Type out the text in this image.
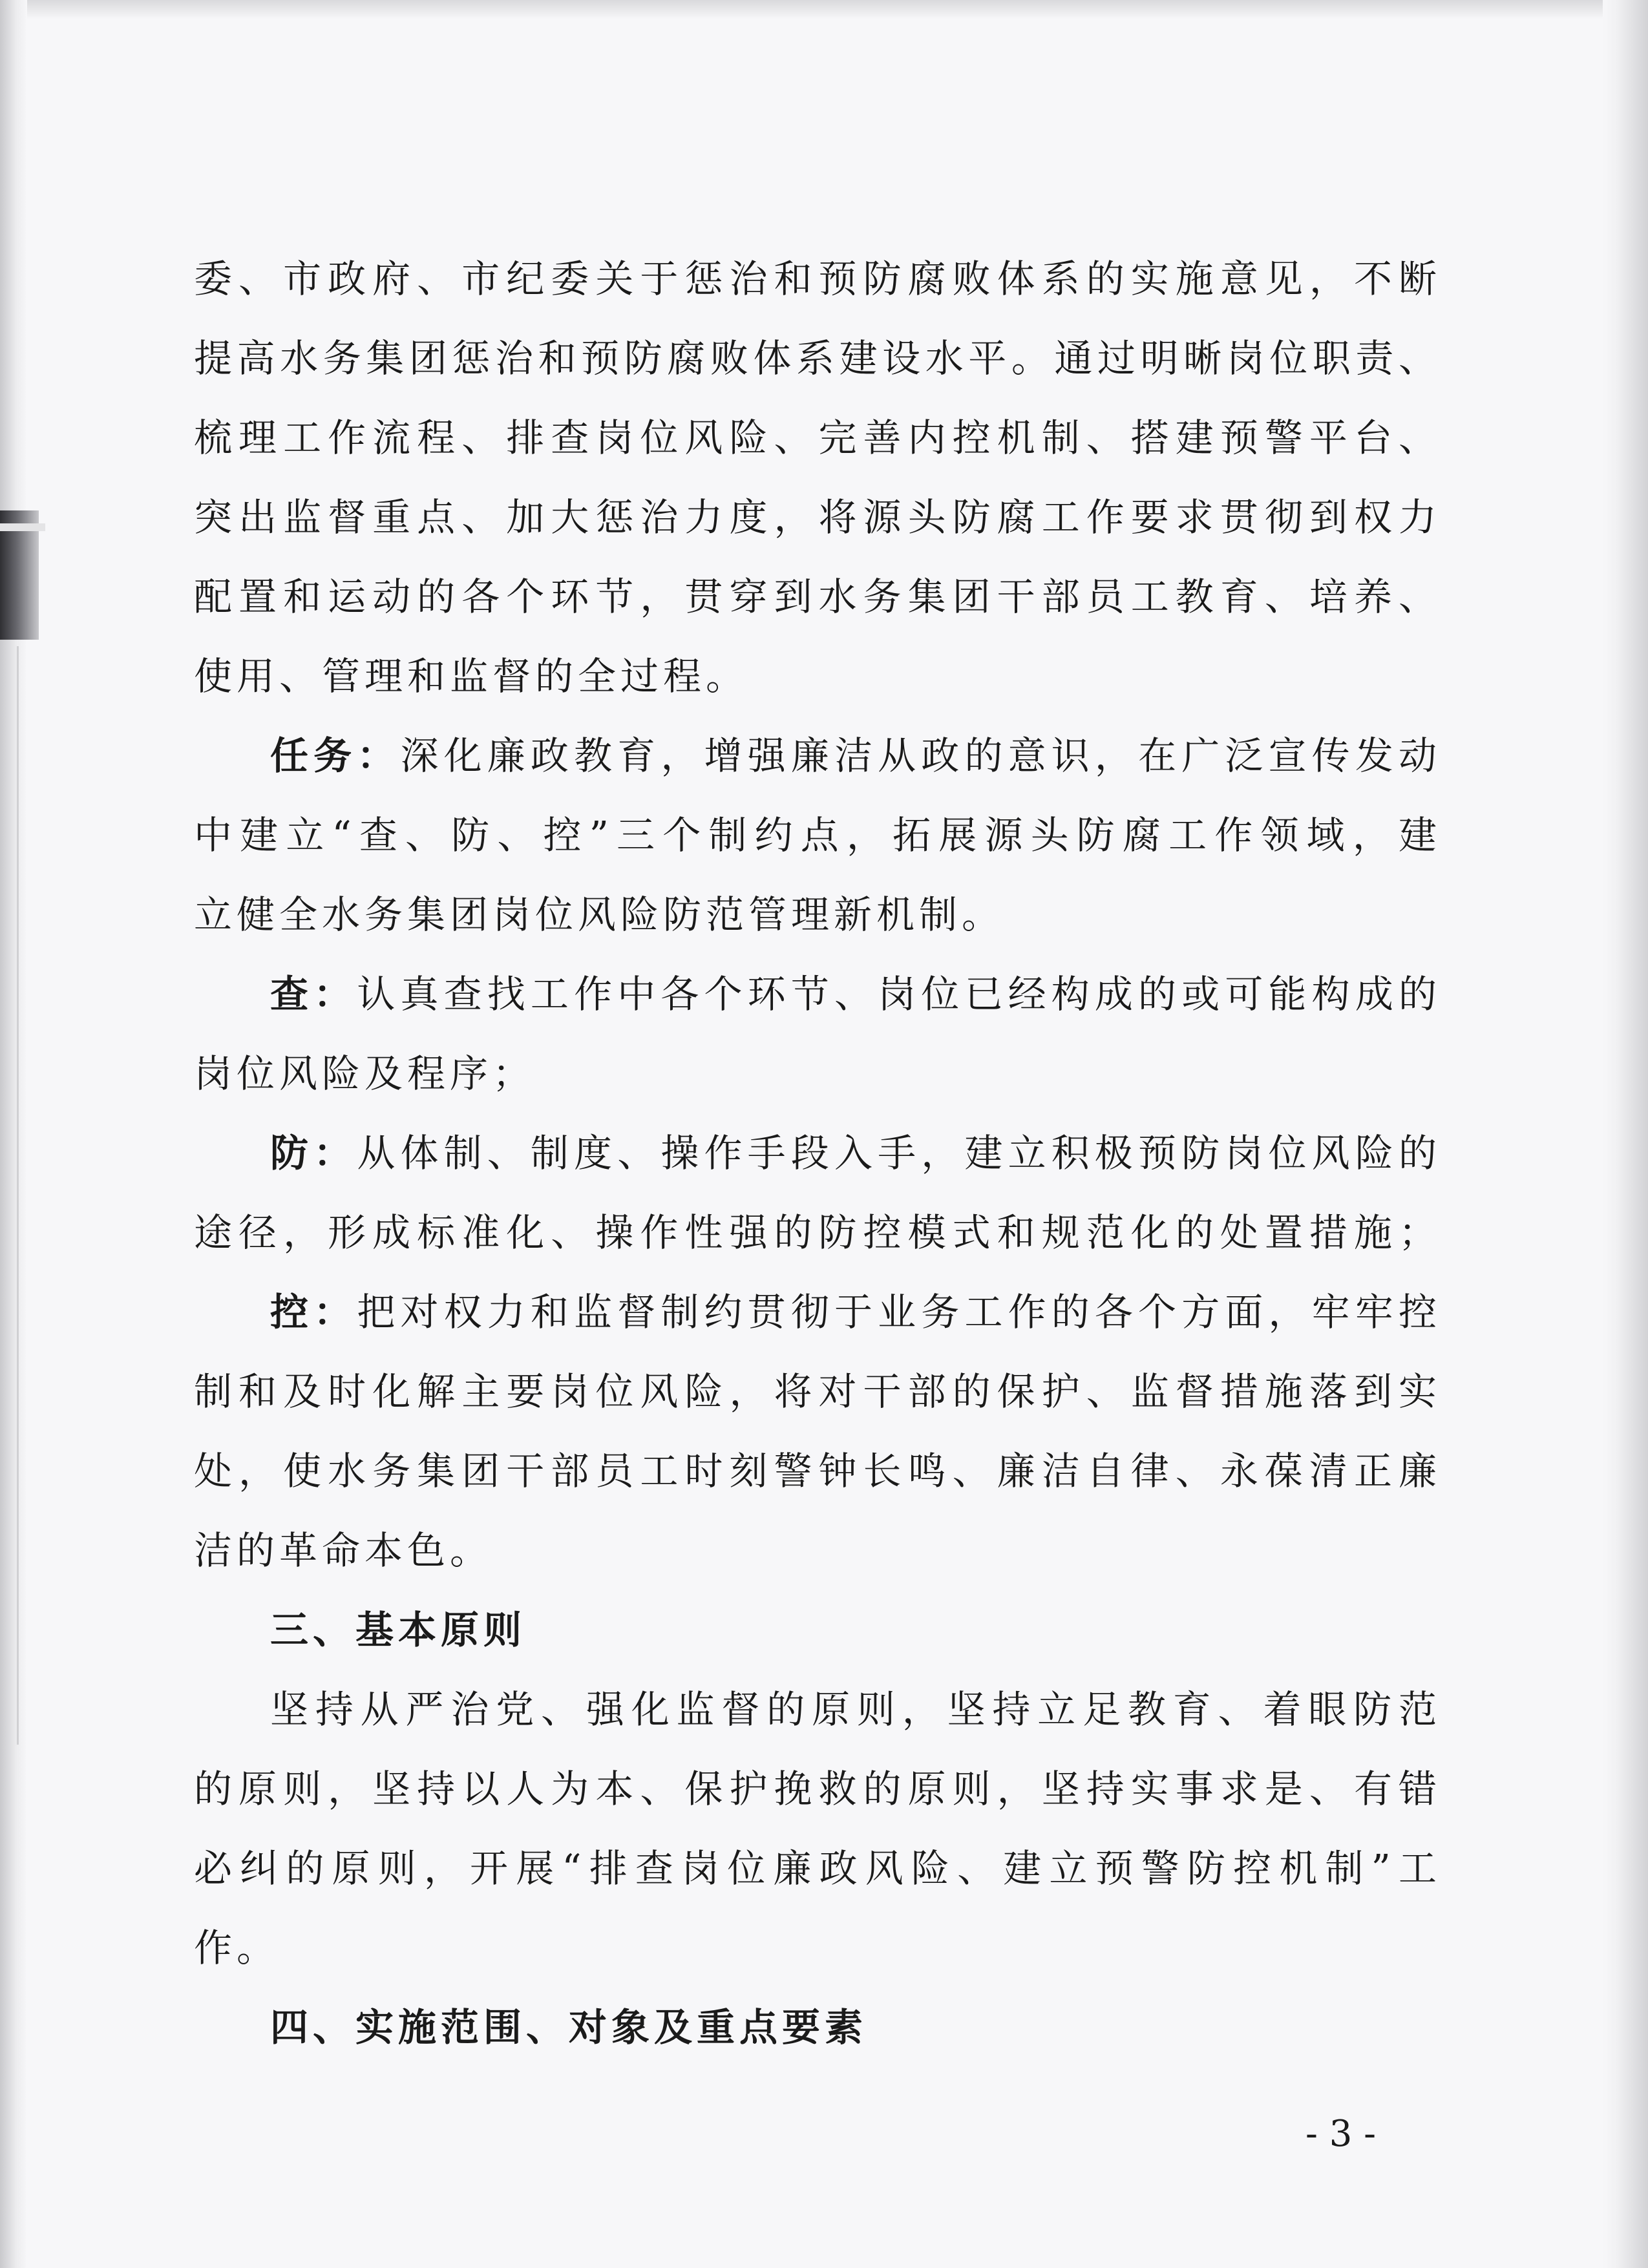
委、市政府、市纪委关于惩治和预防腐败体系的实施意见，不断
提高水务集团惩治和预防腐败体系建设水平。通过明晰岗位职责、
梳理工作流程、排查岗位风险、完善内控机制、搭建预警平台、
突出监督重点、加大惩治力度，将源头防腐工作要求贯彻到权力
配置和运动的各个环节，贯穿到水务集团干部员工教育、培养、
使用、管理和监督的全过程。
任务：深化廉政教育，增强廉洁从政的意识，在广泛宣传发动
中建立“查、防、控”三个制约点，拓展源头防腐工作领域，建
立健全水务集团岗位风险防范管理新机制。
查：认真查找工作中各个环节、岗位已经构成的或可能构成的
岗位风险及程序；
防：从体制、制度、操作手段入手，建立积极预防岗位风险的
途径，形成标准化、操作性强的防控模式和规范化的处置措施；
控：把对权力和监督制约贯彻于业务工作的各个方面，牢牢控
制和及时化解主要岗位风险，将对干部的保护、监督措施落到实
处，使水务集团干部员工时刻警钟长鸣、廉洁自律、永葆清正廉
洁的革命本色。
三、基本原则
坚持从严治党、强化监督的原则，坚持立足教育、着眼防范
的原则，坚持以人为本、保护挽救的原则，坚持实事求是、有错
必纠的原则，开展“排查岗位廉政风险、建立预警防控机制”工
作。
四、实施范围、对象及重点要素
- 3 -
